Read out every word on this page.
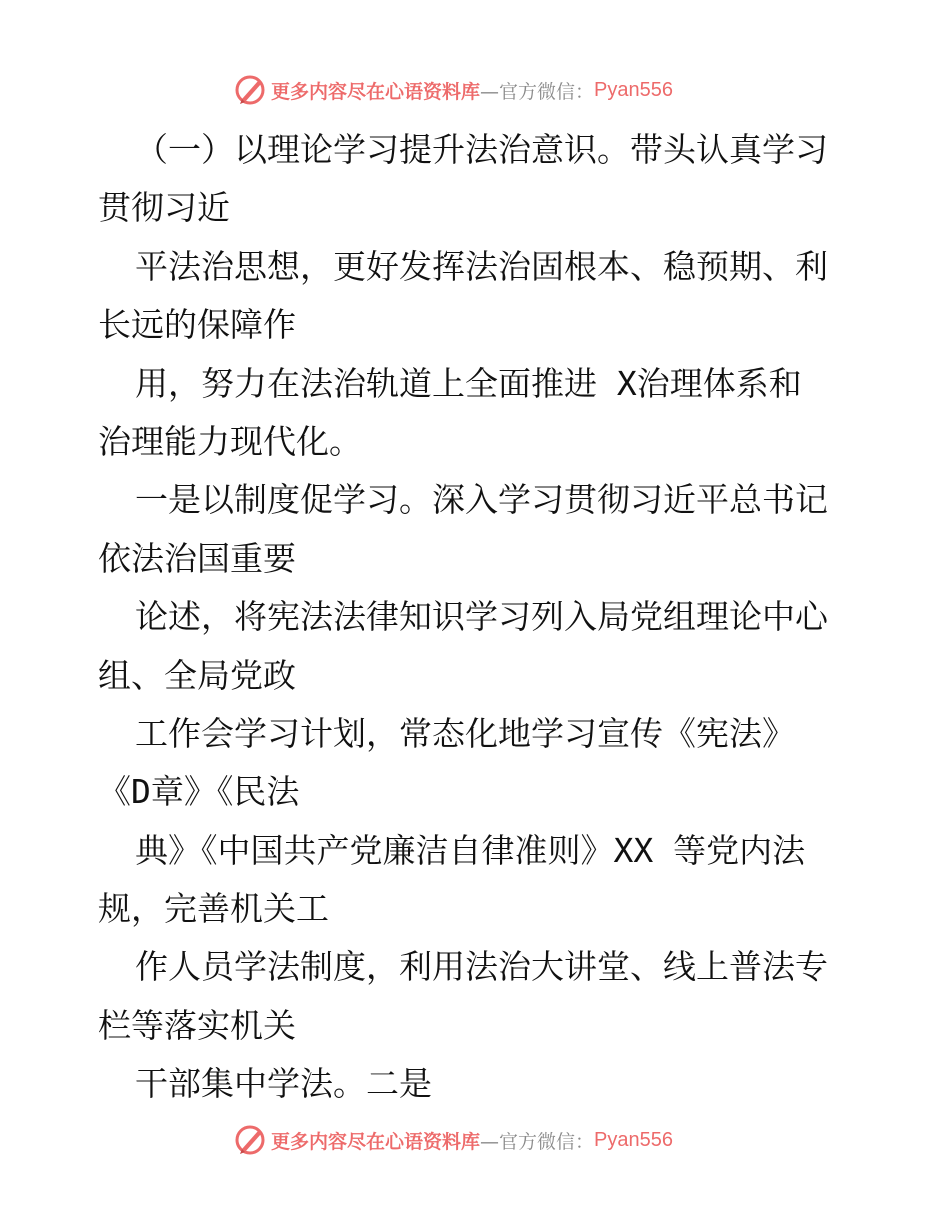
更多内容尽在心语资料库 —官方微信： Pyan556
（一）以理论学习提升法治意识。带头认真学习
贯彻习近
平法治思想，更好发挥法治固根本、稳预期、利
长远的保障作
用，努力在法治轨道上全面推进 X治理体系和
治理能力现代化。
一是以制度促学习。深入学习贯彻习近平总书记
依法治国重要
论述，将宪法法律知识学习列入局党组理论中心
组、全局党政
工作会学习计划，常态化地学习宣传《宪法》
《D章》《民法
典》《中国共产党廉洁自律准则》XX 等党内法
规，完善机关工
作人员学法制度，利用法治大讲堂、线上普法专
栏等落实机关
干部集中学法。二是
更多内容尽在心语资料库 —官方微信： Pyan556
